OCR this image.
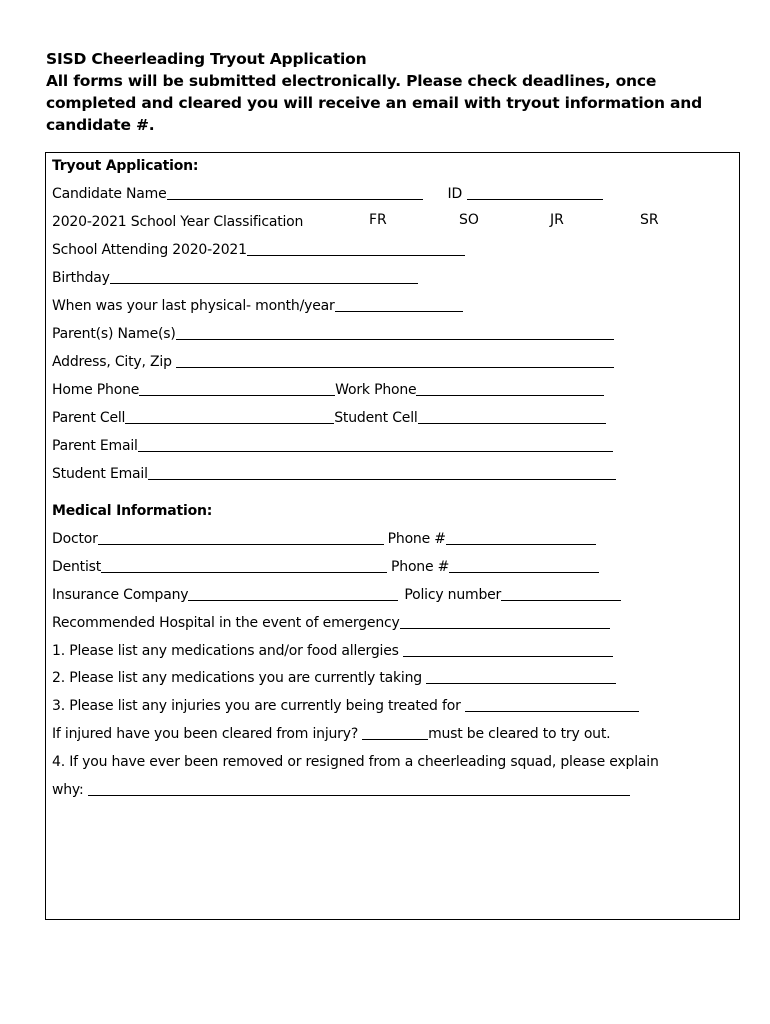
SISD Cheerleading Tryout Application
All forms will be submitted electronically. Please check deadlines, once
completed and cleared you will receive an email with tryout information and
candidate #.
Tryout Application:
Candidate Name	ID
2020-2021 School Year Classification	FR	SO	JR	SR
School Attending 2020-2021
Birthday
When was your last physical- month/year
Parent(s) Name(s)
Address, City, Zip
Home Phone	Work Phone
Parent Cell	Student Cell
Parent Email
Student Email
Medical Information:
Doctor	Phone #
Dentist	Phone #
Insurance Company	Policy number
Recommended Hospital in the event of emergency
1. Please list any medications and/or food allergies
2. Please list any medications you are currently taking
3. Please list any injuries you are currently being treated for
If injured have you been cleared from injury?	must be cleared to try out.
4. If you have ever been removed or resigned from a cheerleading squad, please explain
why:
